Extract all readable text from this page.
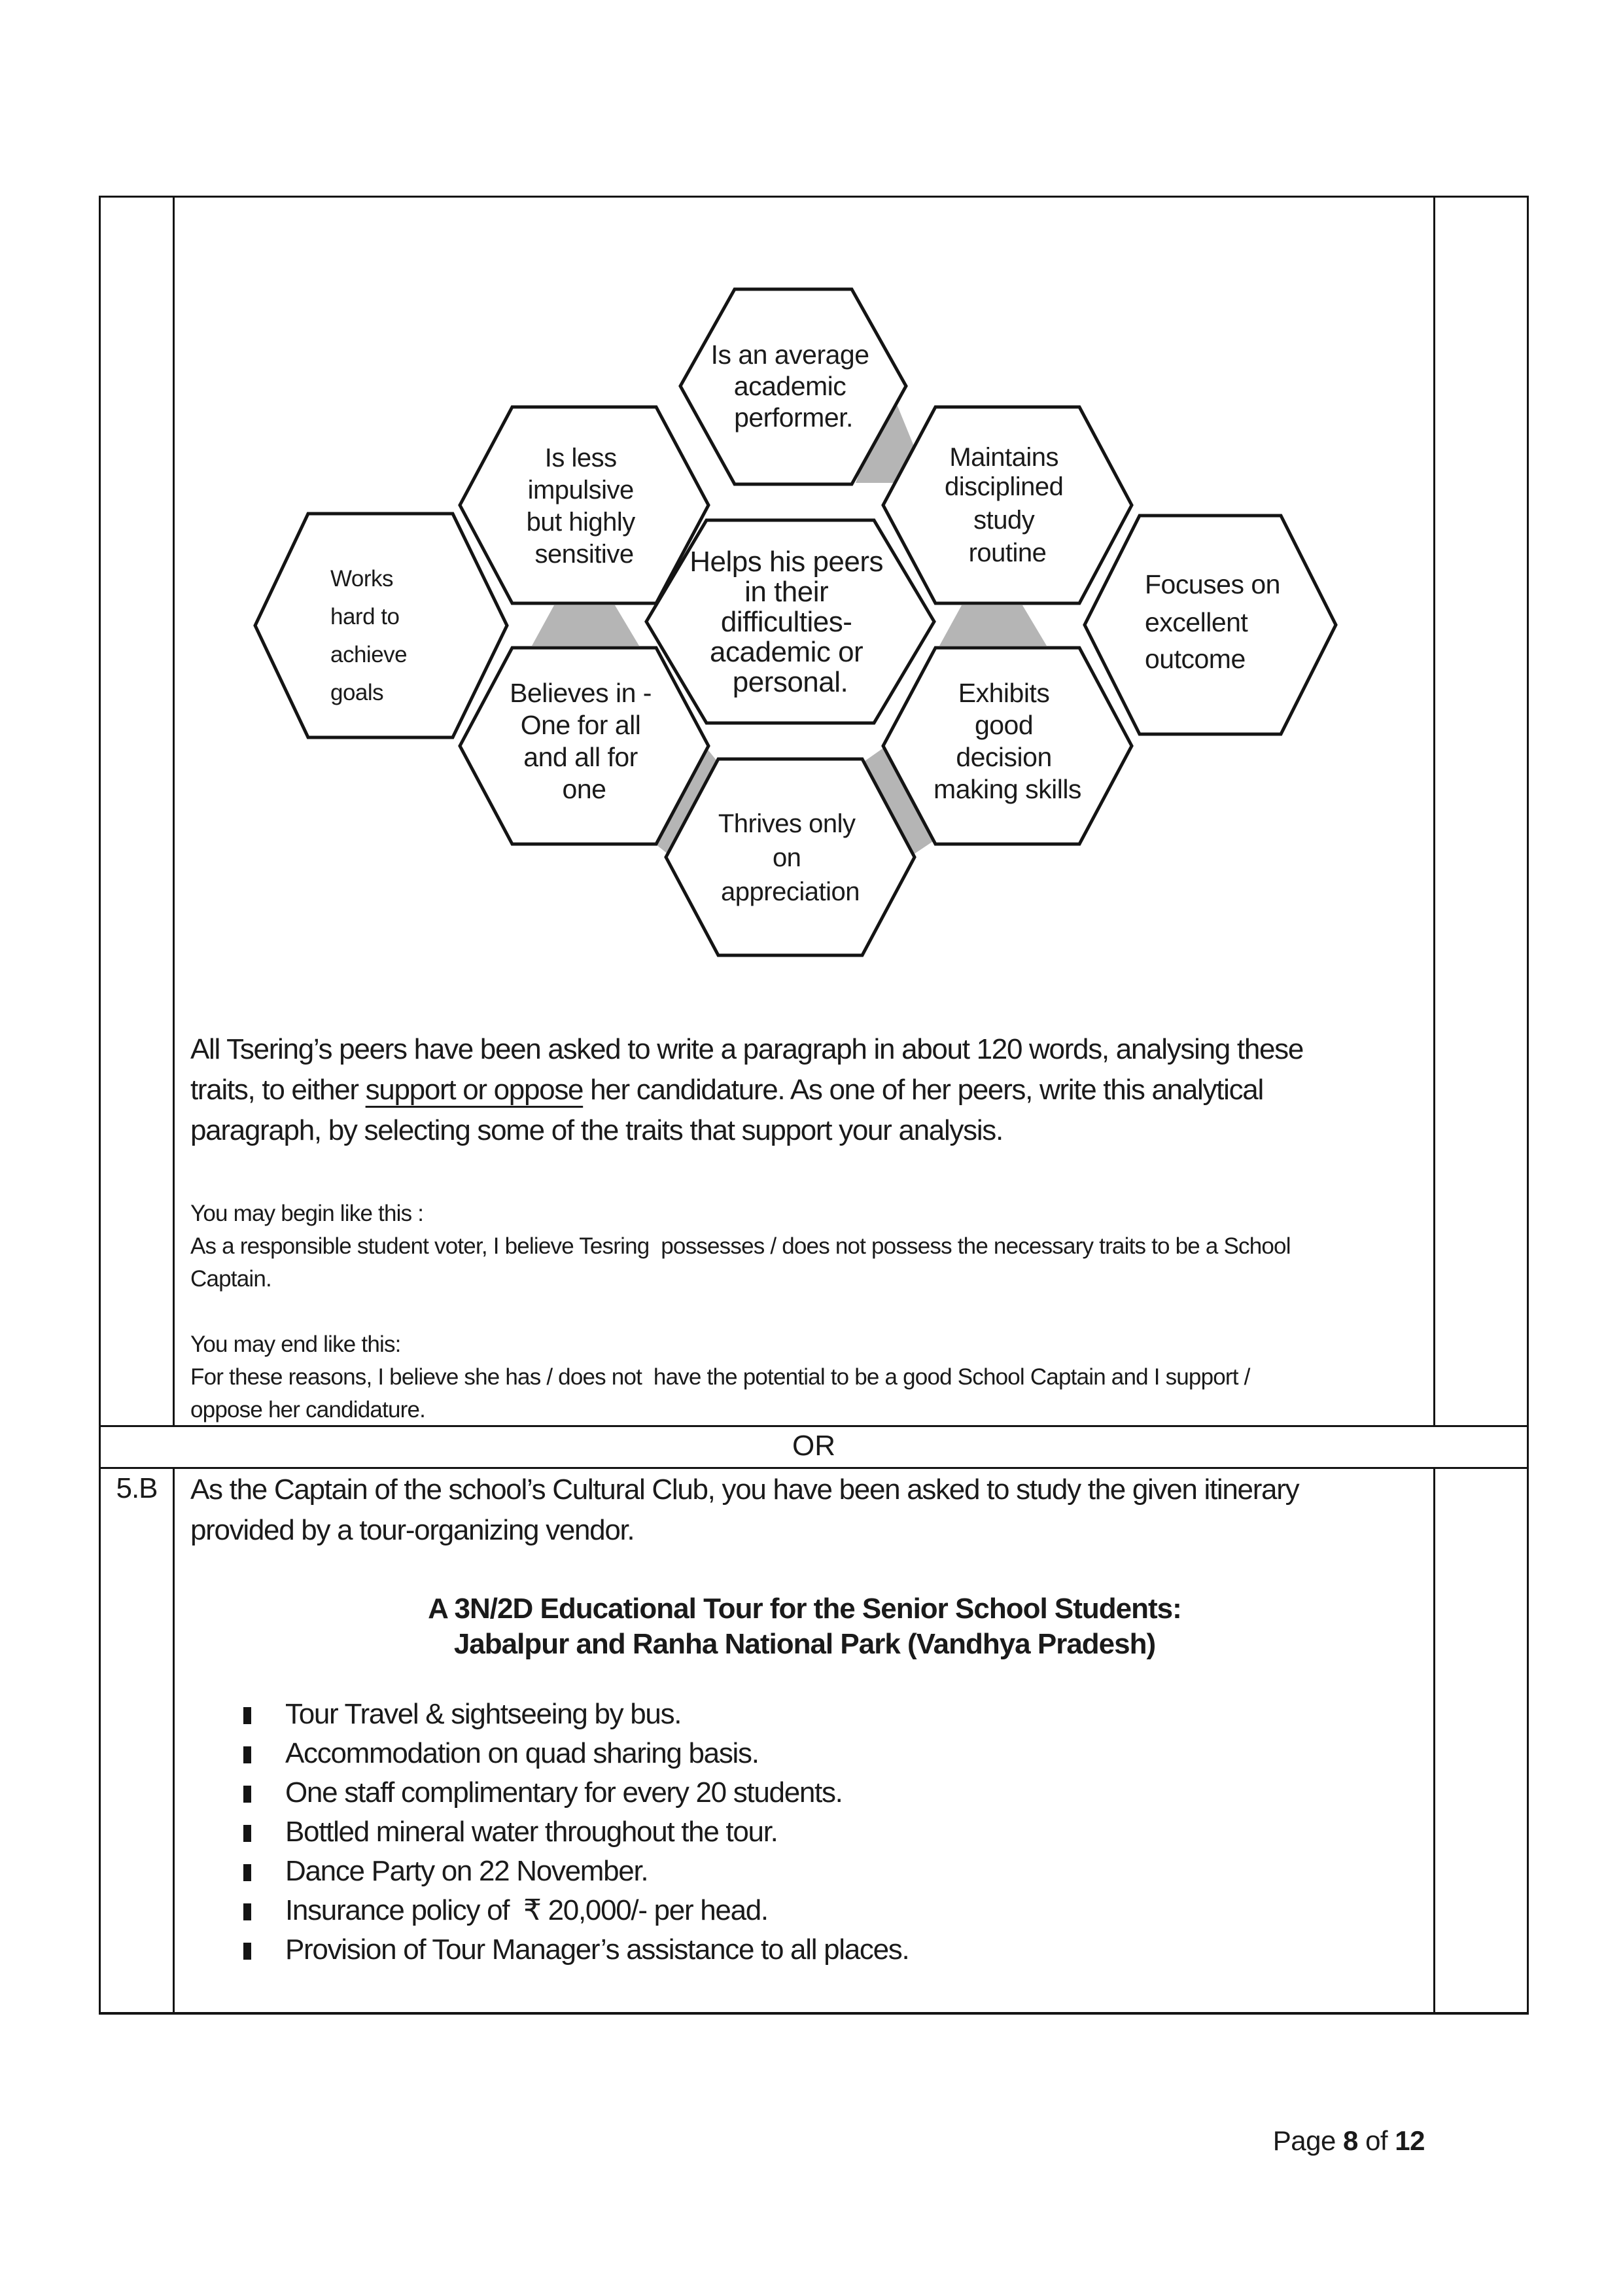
Is an average academic performer.
Is less impulsive but highly sensitive
Maintains disciplined study routine
Works hard to achieve goals
Helps his peers in their difficulties- academic or personal.
Focuses on excellent outcome
Believes in - One for all and all for one
Exhibits good decision making skills
Thrives only on appreciation
All Tsering’s peers have been asked to write a paragraph in about 120 words, analysing these
traits, to either support or oppose her candidature. As one of her peers, write this analytical
paragraph, by selecting some of the traits that support your analysis.
You may begin like this :
As a responsible student voter, I believe Tesring  possesses / does not possess the necessary traits to be a School
Captain.
You may end like this:
For these reasons, I believe she has / does not  have the potential to be a good School Captain and I support /
oppose her candidature.
OR
5.B	As the Captain of the school’s Cultural Club, you have been asked to study the given itinerary
provided by a tour-organizing vendor.
A 3N/2D Educational Tour for the Senior School Students:
Jabalpur and Ranha National Park (Vandhya Pradesh)
Tour Travel & sightseeing by bus.
Accommodation on quad sharing basis.
One staff complimentary for every 20 students.
Bottled mineral water throughout the tour.
Dance Party on 22 November.
Insurance policy of  ₹ 20,000/- per head.
Provision of Tour Manager’s assistance to all places.
Page 8 of 12
